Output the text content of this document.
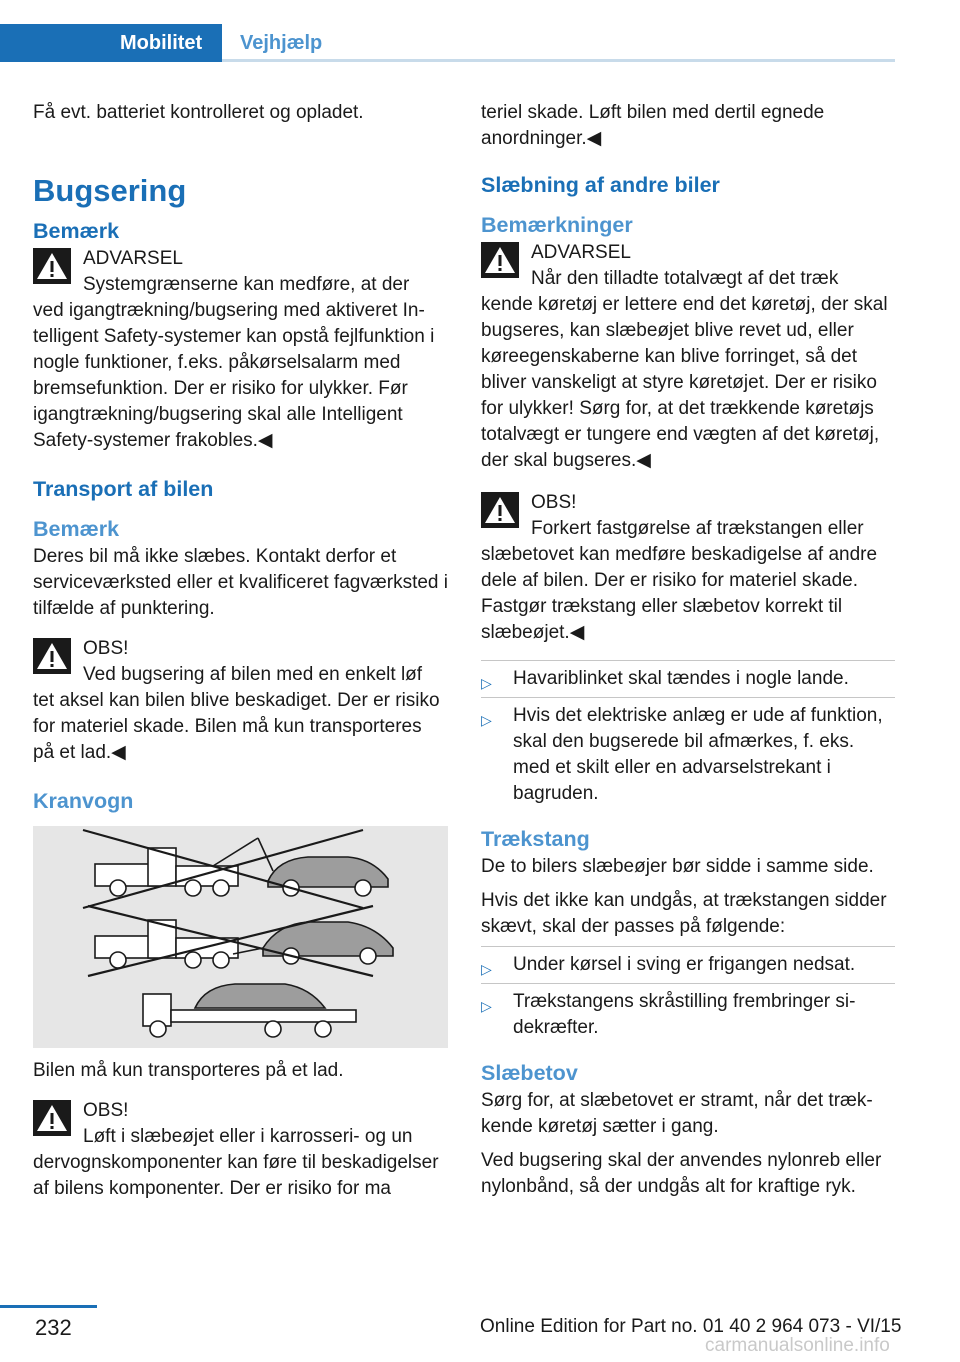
Mobilitet	Vejhjælp

Få evt. batteriet kontrolleret og opladet.

Bugsering
Bemærk
ADVARSEL
Systemgrænserne kan medføre, at der
ved igangtrækning/bugsering med aktiveret Intelligent Safety-systemer kan opstå fejlfunktion i nogle funktioner, f.eks. påkørselsalarm med bremsefunktion. Der er risiko for ulykker. Før igangtrækning/bugsering skal alle Intelligent Safety-systemer frakobles.◀
Transport af bilen
Bemærk

Deres bil må ikke slæbes. Kontakt derfor et serviceværksted eller et kvalificeret fagværksted i tilfælde af punktering.

OBS!
Ved bugsering af bilen med en enkelt løf
tet aksel kan bilen blive beskadiget. Der er risiko for materiel skade. Bilen må kun transporteres på et lad.◀
Kranvogn

Bilen må kun transporteres på et lad.

OBS!
Løft i slæbeøjet eller i karrosseri- og un
dervognskomponenter kan føre til beskadigelser af bilens komponenter. Der er risiko for ma

teriel skade. Løft bilen med dertil egnede anordninger.◀

Slæbning af andre biler
Bemærkninger
ADVARSEL
Når den tilladte totalvægt af det træk
kende køretøj er lettere end det køretøj, der skal bugseres, kan slæbeøjet blive revet ud, eller køreegenskaberne kan blive forringet, så det bliver vanskeligt at styre køretøjet. Der er risiko for ulykker! Sørg for, at det trækkende køretøjs totalvægt er tungere end vægten af det køretøj, der skal bugseres.◀
OBS!
Forkert fastgørelse af trækstangen eller
slæbetovet kan medføre beskadigelse af andre dele af bilen. Der er risiko for materiel skade. Fastgør trækstang eller slæbetov korrekt til slæbeøjet.◀
▷ Havariblinket skal tændes i nogle lande.
▷ Hvis det elektriske anlæg er ude af funktion, skal den bugserede bil afmærkes, f. eks. med et skilt eller en advarselstrekant i bagruden.
Trækstang

De to bilers slæbeøjer bør sidde i samme side.

Hvis det ikke kan undgås, at trækstangen sidder skævt, skal der passes på følgende:

▷ Under kørsel i sving er frigangen nedsat.
▷ Trækstangens skråstilling frembringer sidekræfter.
Slæbetov

Sørg for, at slæbetovet er stramt, når det trækkende køretøj sætter i gang.

Ved bugsering skal der anvendes nylonreb eller nylonbånd, så der undgås alt for kraftige ryk.

232	Online Edition for Part no. 01 40 2 964 073 - VI/15
carmanualsonline.info
